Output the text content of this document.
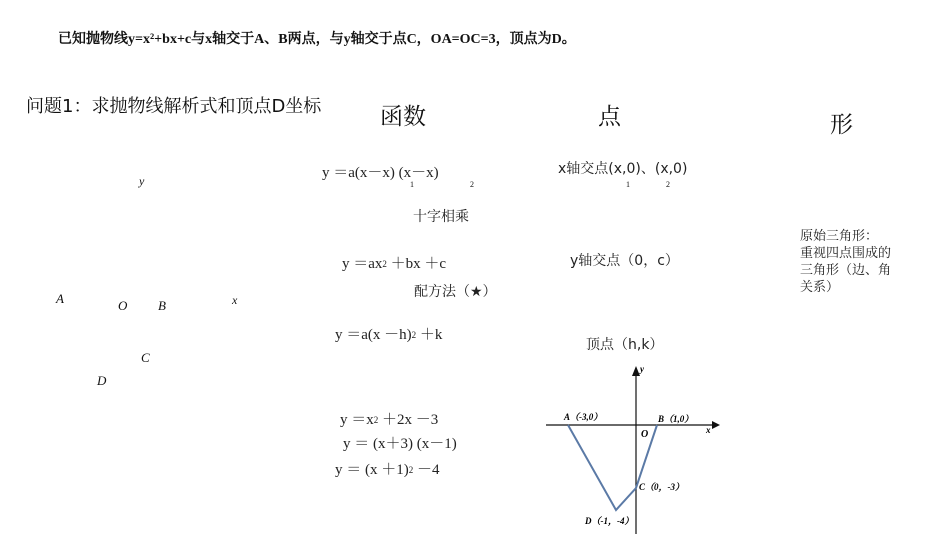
已知抛物线y=x²+bx+c与x轴交于A、B两点，与y轴交于点C，OA=OC=3，顶点为D。
问题1：求抛物线解析式和顶点D坐标	函数	点	形
y
x
A	O B
C
D
y ＝a(x－x) (x－x)
1	2
十字相乘
y ＝ax2 ＋bx ＋c
配方法（★）
y ＝a(x －h)2 ＋k
y ＝x2 ＋2x －3
y ＝ (x＋3) (x－1)
y ＝ (x ＋1)2 －4
x轴交点(x,0)、(x,0)
1	2
y轴交点（0，c）
顶点（h,k）
原始三角形：
重视四点围成的
三角形（边、角
关系）
y
x
O
A（-3,0）	B（1,0）
C（0，-3）
D（-1，-4）
